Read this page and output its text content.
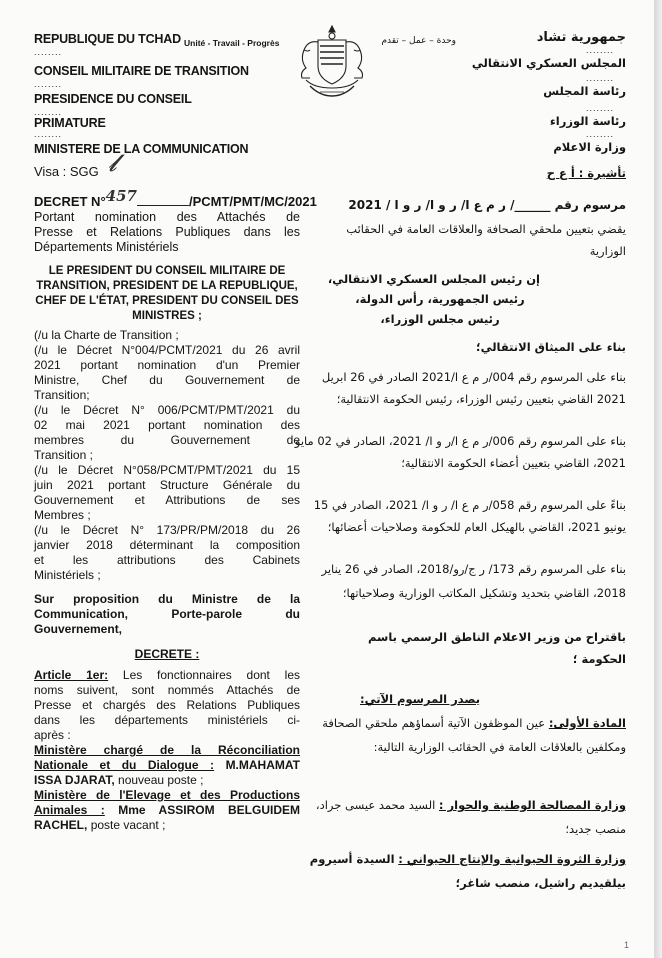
REPUBLIQUE DU TCHAD Unité - Travail - Progrès
........
CONSEIL MILITAIRE DE TRANSITION
........
PRESIDENCE DU CONSEIL
........
PRIMATURE
........
MINISTERE DE LA COMMUNICATION
Visa : SGG 𝓵
جمهورية تشاد
وحدة – عمل – تقدم
........
المجلس العسكري الانتقالي
........
رئاسة المجلس
........
رئاسة الوزراء
........
وزارة الاعلام
تأشيرة : أ ع ح
DECRET N°457	/PCMT/PMT/MC/2021
Portant nomination des Attachés de
Presse et Relations Publiques dans les
Départements Ministériels
LE PRESIDENT DU CONSEIL MILITAIRE DE
TRANSITION, PRESIDENT DE LA REPUBLIQUE,
CHEF DE L'ÉTAT, PRESIDENT DU CONSEIL DES
MINISTRES ;
(/u la Charte de Transition ;
(/u le Décret N°004/PCMT/2021 du 26 avril
2021 portant nomination d'un Premier
Ministre, Chef du Gouvernement de
Transition;
(/u le Décret N° 006/PCMT/PMT/2021 du
02 mai 2021 portant nomination des
membres du Gouvernement de
Transition ;
(/u le Décret N°058/PCMT/PMT/2021 du 15
juin 2021 portant Structure Générale du
Gouvernement et Attributions de ses
Membres ;
(/u le Décret N° 173/PR/PM/2018 du 26
janvier 2018 déterminant la composition
et les attributions des Cabinets
Ministériels ;
Sur proposition du Ministre de la
Communication, Porte-parole du
Gouvernement,
DECRETE :
Article 1er: Les fonctionnaires dont les
noms suivent, sont nommés Attachés de
Presse et chargés des Relations Publiques
dans les départements ministériels ci-
après :
Ministère chargé de la Réconciliation
Nationale et du Dialogue : M.MAHAMAT
ISSA DJARAT, nouveau poste ;
Ministère de l'Elevage et des Productions
Animales : Mme ASSIROM BELGUIDEM
RACHEL, poste vacant ;
مرسوم رقم ______/ ر م ع ا/ ر و ا/ ر و ا / 2021
يقضي بتعيين ملحقي الصحافة والعلاقات العامة في الحقائب
الوزارية
إن رئيس المجلس العسكري الانتقالي،
رئيس الجمهورية، رأس الدولة،
رئيس مجلس الوزراء،
بناء على الميثاق الانتقالي؛
بناء على المرسوم رقم 004/ر م ع ا/2021 الصادر في 26 ابريل
2021 القاضي بتعيين رئيس الوزراء، رئيس الحكومة الانتقالية؛
بناء على المرسوم رقم 006/ر م ع ا/ر و ا/ 2021، الصادر في 02 مايو
2021، القاضي بتعيين أعضاء الحكومة الانتقالية؛
بناءً على المرسوم رقم 058/ر م ع ا/ ر و ا/ 2021، الصادر في 15
يونيو 2021، القاضي بالهيكل العام للحكومة وصلاحيات أعضائها؛
بناء على المرسوم رقم 173/ ر ج/رو/2018، الصادر في 26 يناير
2018، القاضي بتحديد وتشكيل المكاتب الوزارية وصلاحياتها؛
باقتراح من وزير الاعلام الناطق الرسمي باسم
الحكومة ؛
يصدر المرسوم الآتي:
المادة الأولى: عين الموظفون الآتية أسماؤهم ملحقي الصحافة
ومكلفين بالعلاقات العامة في الحقائب الوزارية التالية:
وزارة المصالحة الوطنية والحوار : السيد محمد عيسى جراد،
منصب جديد؛
وزارة الثروة الحيوانية والإنتاج الحيواني : السيدة أسيروم
بيلقيديم راشيل، منصب شاغر؛
1
